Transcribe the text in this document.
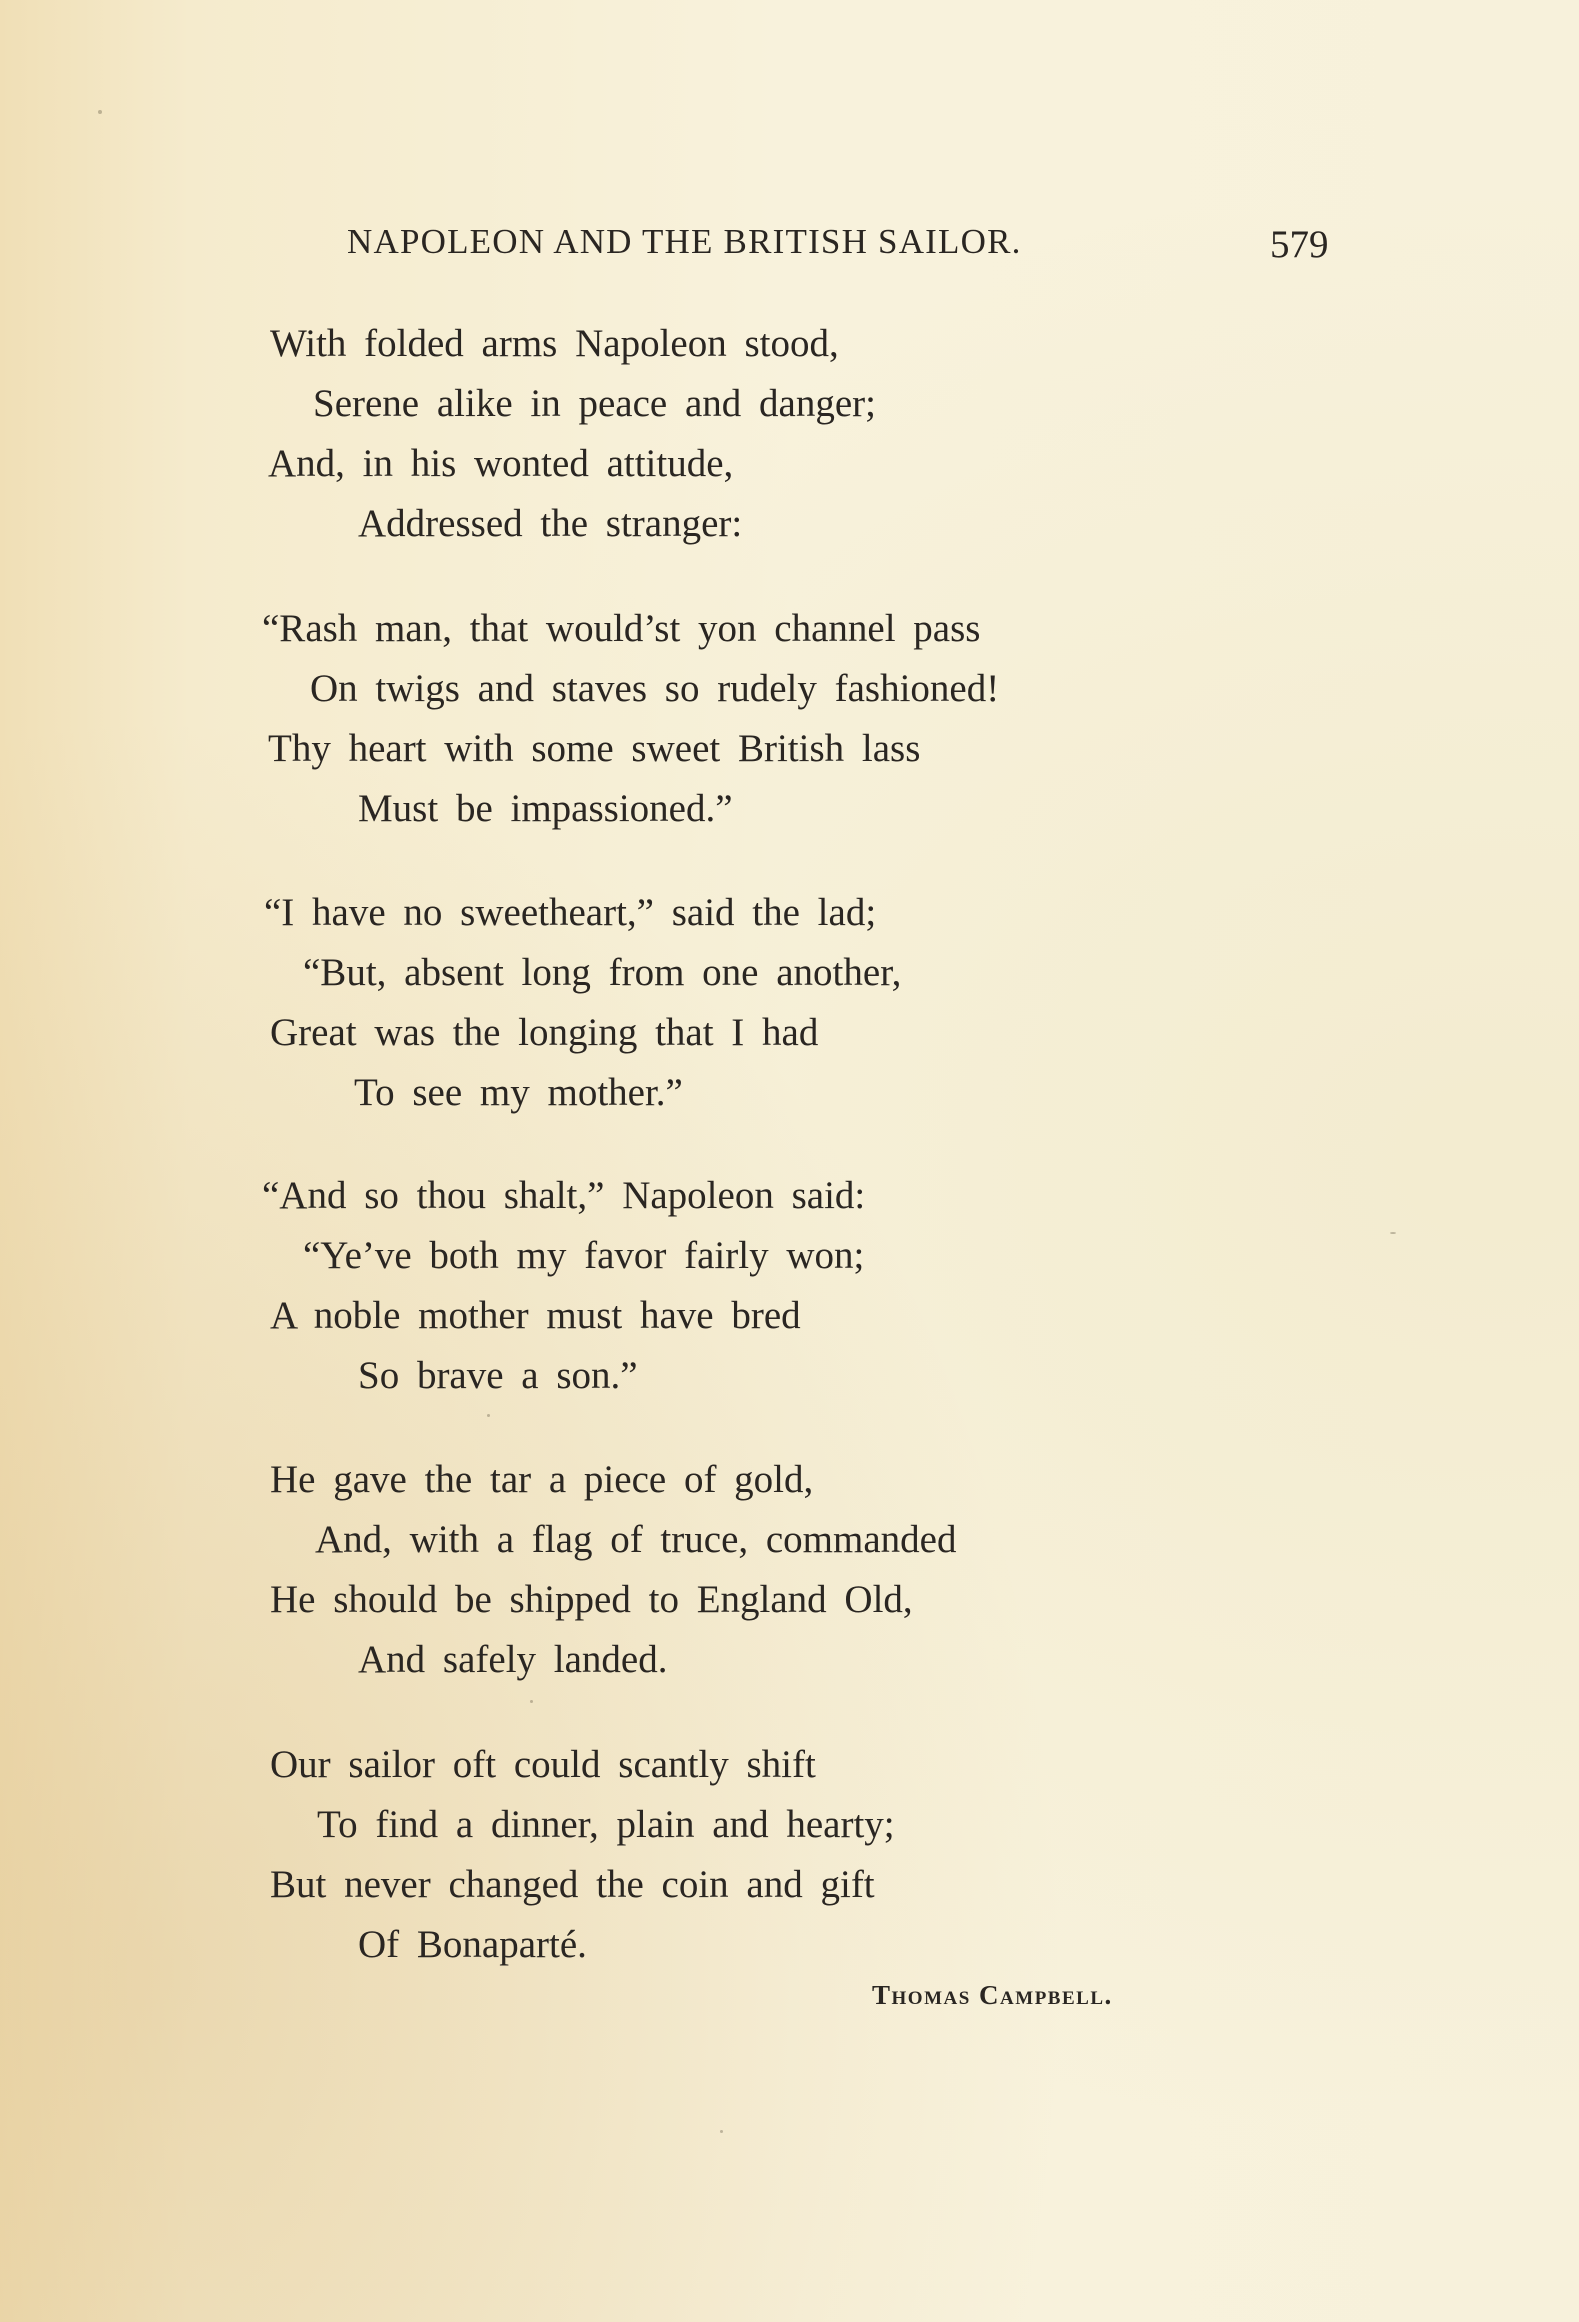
NAPOLEON AND THE BRITISH SAILOR.	579
With folded arms Napoleon stood,
Serene alike in peace and danger;
And, in his wonted attitude,
Addressed the stranger:
“Rash man, that would’st yon channel pass
On twigs and staves so rudely fashioned!
Thy heart with some sweet British lass
Must be impassioned.”
“I have no sweetheart,” said the lad;
“But, absent long from one another,
Great was the longing that I had
To see my mother.”
“And so thou shalt,” Napoleon said:
“Ye’ve both my favor fairly won;
A noble mother must have bred
So brave a son.”
He gave the tar a piece of gold,
And, with a flag of truce, commanded
He should be shipped to England Old,
And safely landed.
Our sailor oft could scantly shift
To find a dinner, plain and hearty;
But never changed the coin and gift
Of Bonaparté.
Thomas Campbell.
